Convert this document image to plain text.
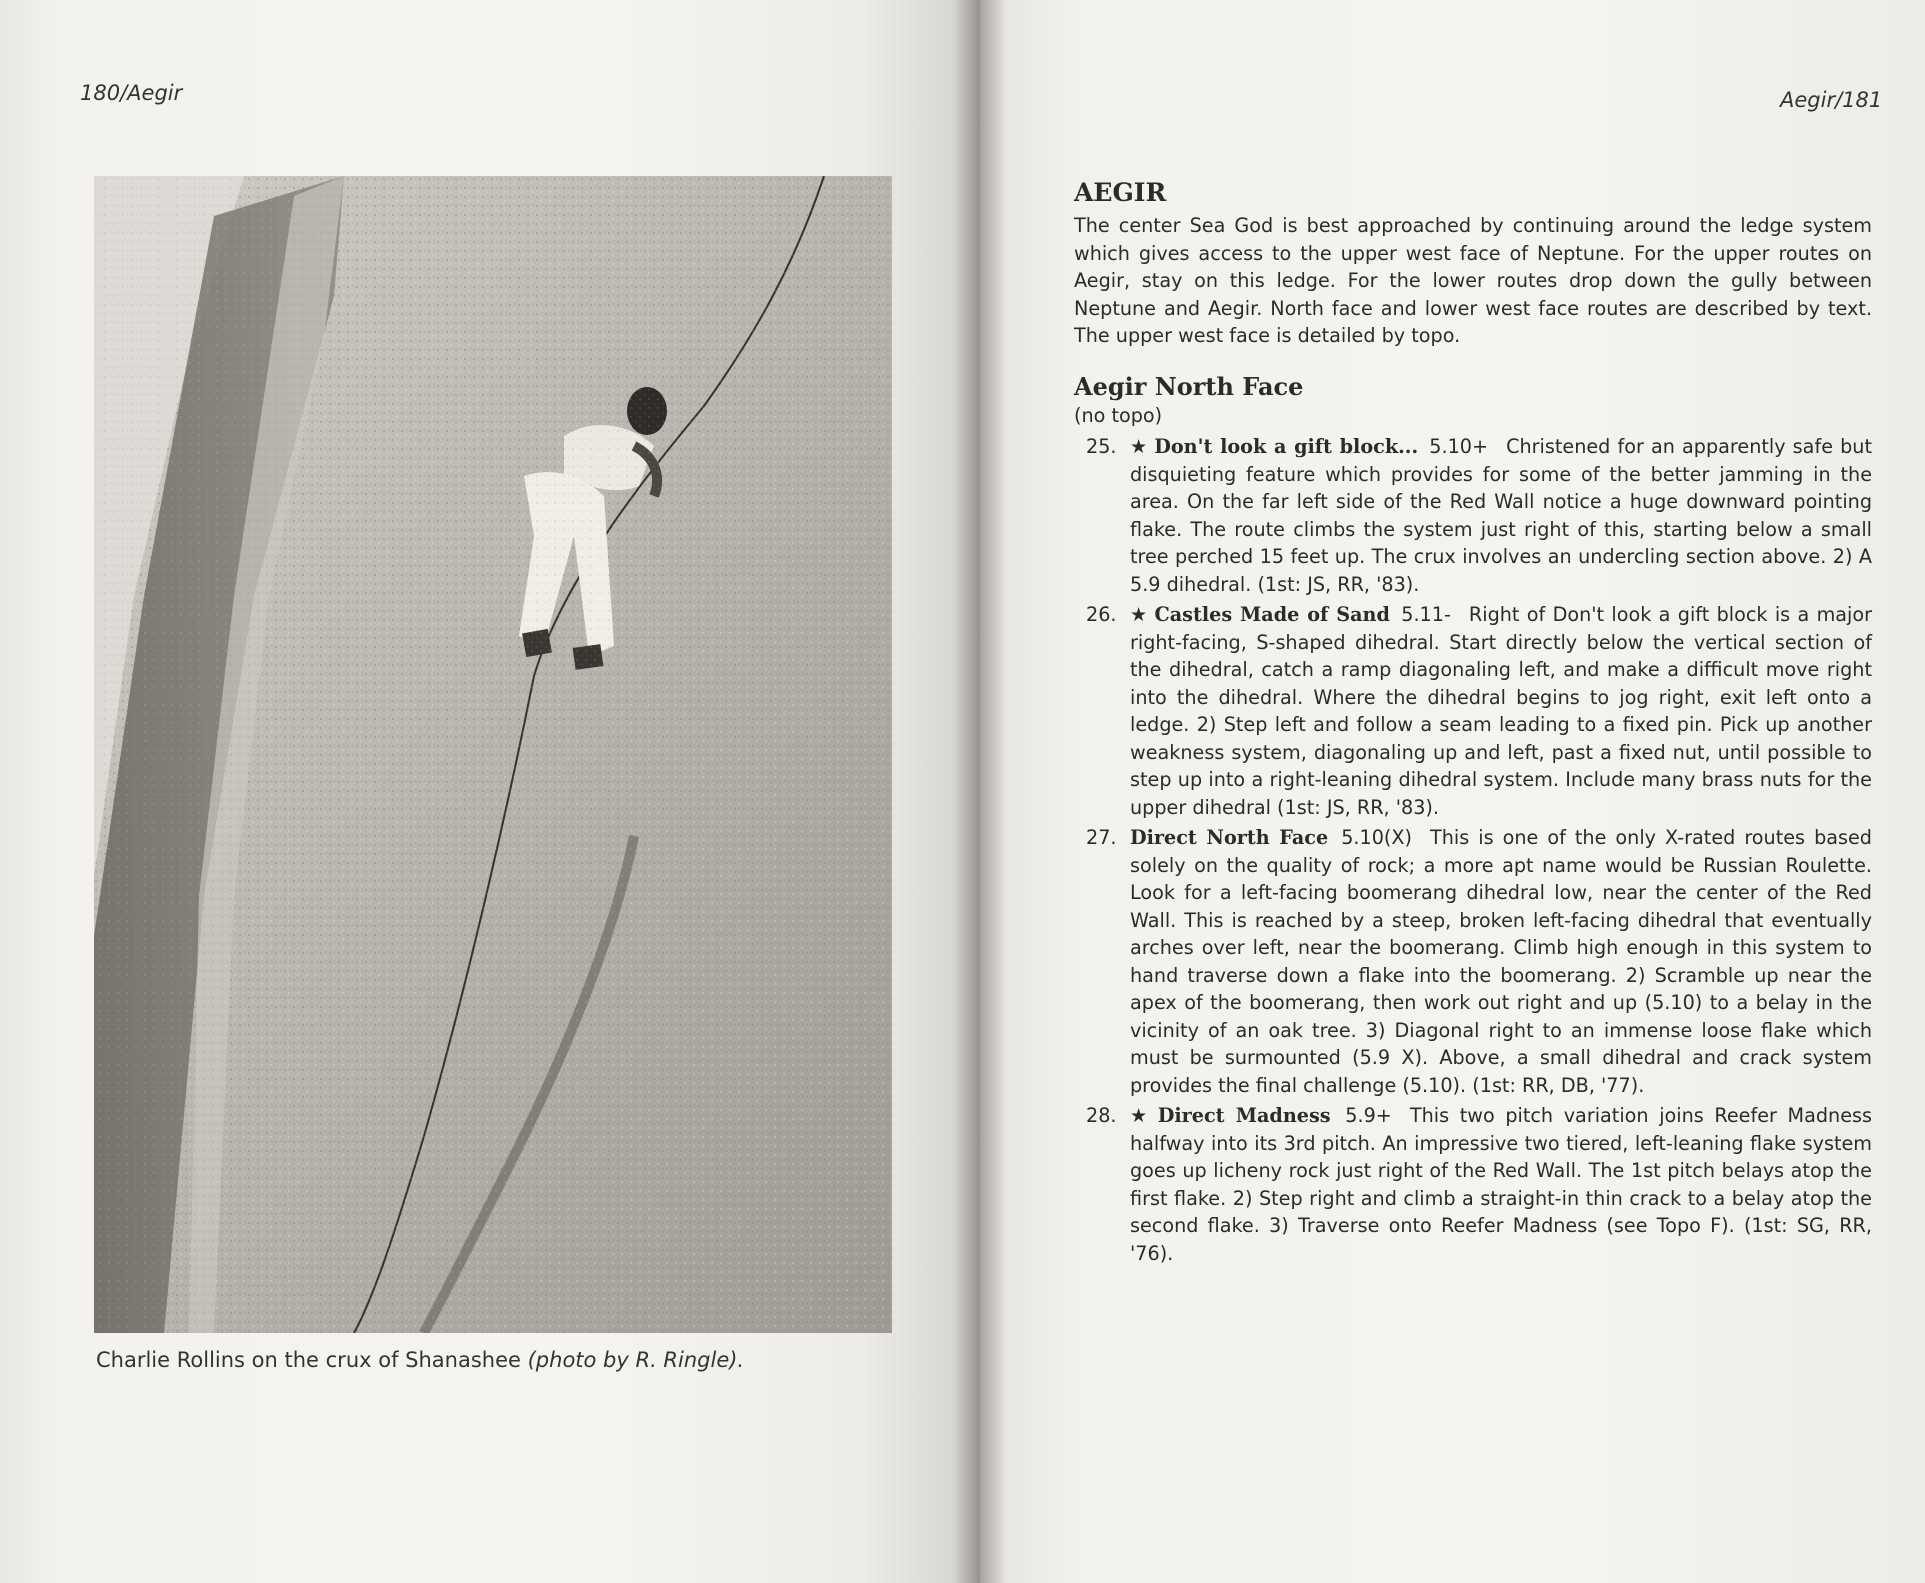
180/Aegir
Charlie Rollins on the crux of Shanashee (photo by R. Ringle).
Aegir/181
AEGIR

The center Sea God is best approached by continuing around the ledge system which gives access to the upper west face of Neptune. For the upper routes on Aegir, stay on this ledge. For the lower routes drop down the gully between Neptune and Aegir. North face and lower west face routes are described by text. The upper west face is detailed by topo.

Aegir North Face
(no topo)
25. ★ Don't look a gift block... 5.10+ Christened for an apparently safe but disquieting feature which provides for some of the better jamming in the area. On the far left side of the Red Wall notice a huge downward pointing flake. The route climbs the system just right of this, starting below a small tree perched 15 feet up. The crux involves an undercling section above. 2) A 5.9 dihedral. (1st: JS, RR, '83).
26. ★ Castles Made of Sand 5.11- Right of Don't look a gift block is a major right-facing, S-shaped dihedral. Start directly below the vertical section of the dihedral, catch a ramp diagonaling left, and make a difficult move right into the dihedral. Where the dihedral begins to jog right, exit left onto a ledge. 2) Step left and follow a seam leading to a fixed pin. Pick up another weakness system, diagonaling up and left, past a fixed nut, until possible to step up into a right-leaning dihedral system. Include many brass nuts for the upper dihedral (1st: JS, RR, '83).
27. Direct North Face 5.10(X) This is one of the only X-rated routes based solely on the quality of rock; a more apt name would be Russian Roulette. Look for a left-facing boomerang dihedral low, near the center of the Red Wall. This is reached by a steep, broken left-facing dihedral that eventually arches over left, near the boomerang. Climb high enough in this system to hand traverse down a flake into the boomerang. 2) Scramble up near the apex of the boomerang, then work out right and up (5.10) to a belay in the vicinity of an oak tree. 3) Diagonal right to an immense loose flake which must be surmounted (5.9 X). Above, a small dihedral and crack system provides the final challenge (5.10). (1st: RR, DB, '77).
28. ★ Direct Madness 5.9+ This two pitch variation joins Reefer Madness halfway into its 3rd pitch. An impressive two tiered, left-leaning flake system goes up licheny rock just right of the Red Wall. The 1st pitch belays atop the first flake. 2) Step right and climb a straight-in thin crack to a belay atop the second flake. 3) Traverse onto Reefer Madness (see Topo F). (1st: SG, RR, '76).
